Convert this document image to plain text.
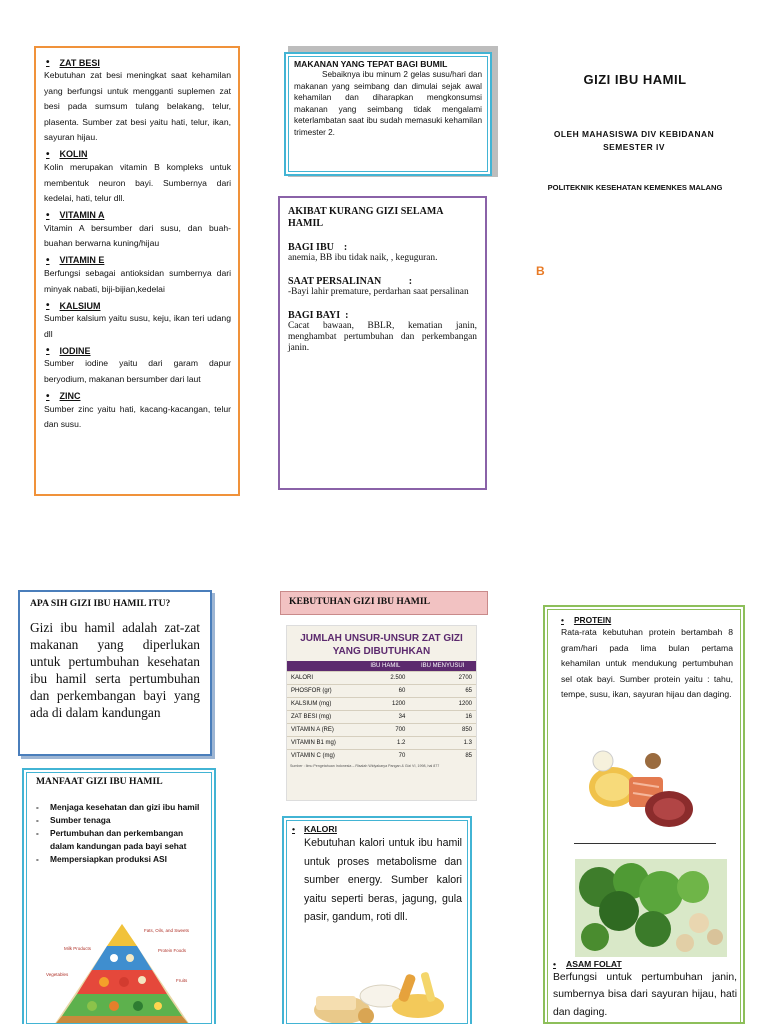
• ZAT BESI
Kebutuhan zat besi meningkat saat kehamilan yang berfungsi untuk mengganti suplemen zat besi pada sumsum tulang belakang, telur, plasenta. Sumber zat besi yaitu hati, telur, ikan, sayuran hijau.
• KOLIN
Kolin merupakan vitamin B kompleks untuk membentuk neuron bayi. Sumbernya dari kedelai, hati, telur dll.
• VITAMIN A
Vitamin A bersumber dari susu, dan buah-buahan berwarna kuning/hijau
• VITAMIN E
Berfungsi sebagai antioksidan sumbernya dari minyak nabati, biji-bijian,kedelai
• KALSIUM
Sumber kalsium yaitu susu, keju, ikan teri udang dll
• IODINE
Sumber iodine yaitu dari garam dapur beryodium, makanan bersumber dari laut
• ZINC
Sumber zinc yaitu hati, kacang-kacangan, telur dan susu.
MAKANAN YANG TEPAT BAGI BUMIL
Sebaiknya ibu minum 2 gelas susu/hari dan makanan yang seimbang dan dimulai sejak awal kehamilan dan diharapkan mengkonsumsi makanan yang seimbang tidak mengalami keterlambatan saat ibu sudah memasuki kehamilan trimester 2.
AKIBAT KURANG GIZI SELAMA HAMIL
BAGI IBU    :
anemia, BB ibu tidak naik, , keguguran.
SAAT PERSALINAN           :
-Bayi lahir premature, perdarhan saat persalinan
BAGI BAYI  :
Cacat bawaan, BBLR, kematian janin, menghambat pertumbuhan dan perkembangan janin.
GIZI IBU HAMIL
OLEH MAHASISWA DIV KEBIDANAN SEMESTER IV
POLITEKNIK KESEHATAN KEMENKES MALANG
B
APA SIH GIZI IBU HAMIL ITU?

Gizi ibu hamil adalah zat-zat makanan yang diperlukan untuk pertumbuhan kesehatan ibu hamil serta pertumbuhan dan perkembangan bayi yang ada di dalam kandungan

MANFAAT GIZI IBU HAMIL
-	Menjaga kesehatan dan gizi ibu hamil
-	Sumber tenaga
-	Pertumbuhan dan perkembangan dalam kandungan pada bayi sehat
-	Mempersiapkan produksi ASI
Fats, Oils, and Sweets
Milk Products	Protein Foods
Vegetables
Fruits
KEBUTUHAN GIZI IBU HAMIL
JUMLAH UNSUR-UNSUR ZAT GIZI
YANG DIBUTUHKAN
	IBU HAMIL	IBU MENYUSUI
KALORI	2.500	2700
PHOSFOR (gr)	60	65
KALSIUM (mg)	1200	1200
ZAT BESI (mg)	34	16
VITAMIN A (RE)	700	850
VITAMIN B1 mg)	1.2	1.3
VITAMIN C (mg)	70	85
Sumber : Ilmu Pengetahuan Indonesia – Risalah Widyakarya Pangan & Gizi VI, 1998, hal 877
• KALORI

Kebutuhan kalori untuk ibu hamil untuk proses metabolisme dan sumber energy. Sumber kalori yaitu seperti beras, jagung, gula pasir, gandum, roti dll.

• PROTEIN

Rata-rata kebutuhan protein bertambah 8 gram/hari pada lima bulan pertama kehamilan untuk mendukung pertumbuhan sel otak bayi. Sumber protein yaitu : tahu, tempe, susu, ikan, sayuran hijau dan daging.

• ASAM FOLAT

Berfungsi untuk pertumbuhan janin, sumbernya bisa dari sayuran hijau, hati dan daging.
